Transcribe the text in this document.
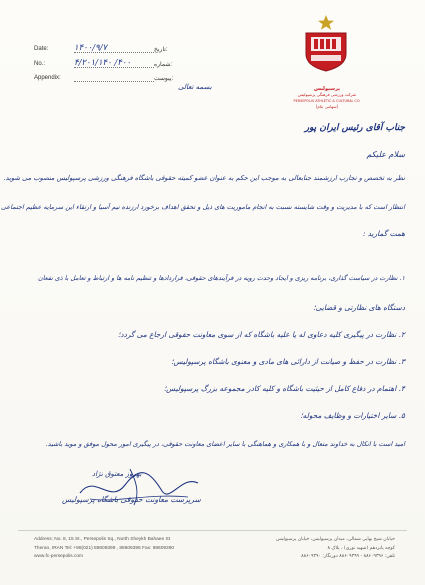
Date:	۱۴۰۰/۹/۷	تاریخ:
No.:	۴/۲۰۱/۱۴۰ /۴۰۰	شماره:
Appendix:	پیوست:
پرسپولیس
شرکت ورزشی فرهنگی پرسپولیس
PERSEPOLIS ATHLETIC & CULTURAL CO.
(سهامی عام)
بسمه تعالی
جناب آقای رئیس ایران پور
سلام علیکم
نظر به تخصص و تجارب ارزشمند جنابعالی به موجب این حکم به عنوان عضو کمیته حقوقی باشگاه فرهنگی ورزشی پرسپولیس منصوب می شوید.
انتظار است که با مدیریت و وقت شایسته نسبت به انجام ماموریت های ذیل و تحقق اهداف برخورد ارزنده تیم آسیا و ارتقاء این سرمایه عظیم اجتماعی
همت گمارید :
۱. نظارت در سیاست گذاری، برنامه ریزی و ایجاد وحدت رویه در فرآیندهای حقوقی، قراردادها و تنظیم نامه ها و ارتباط و تعامل با ذی نفعان
دستگاه های نظارتی و قضایی؛
۲. نظارت در پیگیری کلیه دعاوی له یا علیه باشگاه که از سوی معاونت حقوقی ارجاع می گردد؛
۳. نظارت در حفظ و صیانت از دارائی های مادی و معنوی باشگاه پرسپولیس؛
۴. اهتمام در دفاع کامل از حیثیت باشگاه و کلیه کادر مجموعه بزرگ پرسپولیس؛
۵. سایر اختیارات و وظایف محوله؛
امید است با اتکال به خداوند متعال و با همکاری و هماهنگی با سایر اعضای معاونت حقوقی، در پیگیری امور محول موفق و موید باشید.
بهروز معتوق نژاد
سرپرست معاونت حقوقی باشگاه پرسپولیس
Address: No. 8, 15 St., Persepolis Sq., North Sheykh Bahaee St
Theran, IRAN Tel: +98(021) 88609399 , 88609396 Fax: 88609390
www.fc-persepolis.com
خیابان شیخ بهایی شمالی، میدان پرسپولیس، خیابان پرسپولیس
کوچه پانزدهم (شهید نوری) ، پلاک ۸
تلفن: ۸۸۶۰۹۳۹۶ - ۸۸۶۰۹۳۹۹ دورنگار: ۸۸۶۰۹۳۹۰
